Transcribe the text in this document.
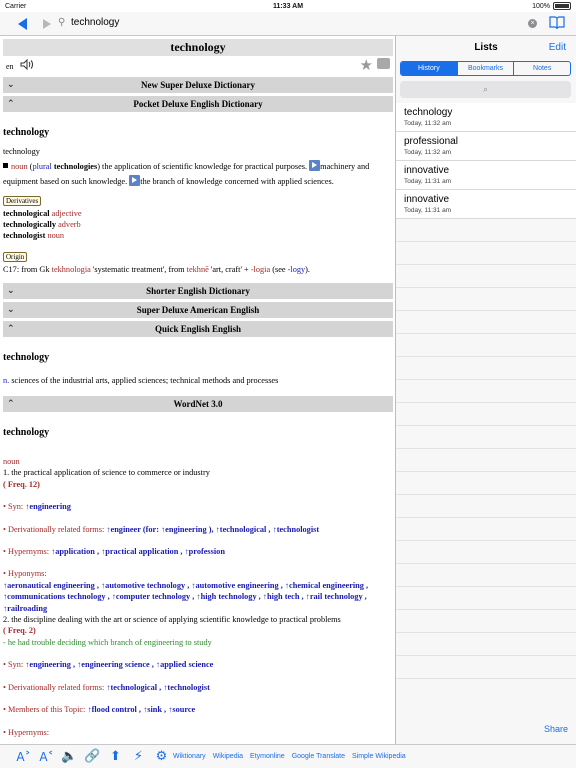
Carrier	11:33 AM	100%
⚲ technology	×
technology
en	★
⌄	New Super Deluxe Dictionary
⌃	Pocket Deluxe English Dictionary
technology
technology
noun (plural technologies) the application of scientific knowledge for practical purposes. machinery and equipment based on such knowledge. the branch of knowledge concerned with applied sciences.
Derivatives
technological adjective
technologically adverb
technologist noun
Origin
C17: from Gk tekhnologia 'systematic treatment', from tekhnē 'art, craft' + -logia (see -logy).
⌄	Shorter English Dictionary
⌄	Super Deluxe American English
⌃	Quick English English
technology
n. sciences of the industrial arts, applied sciences; technical methods and processes
⌃	WordNet 3.0
technology
noun
1. the practical application of science to commerce or industry
( Freq. 12)
• Syn: ↑engineering
• Derivationally related forms: ↑engineer (for: ↑engineering ), ↑technological , ↑technologist
• Hypernyms: ↑application , ↑practical application , ↑profession
• Hyponyms:
↑aeronautical engineering , ↑automotive technology , ↑automotive engineering , ↑chemical engineering , ↑communications technology , ↑computer technology , ↑high technology , ↑high tech , ↑rail technology , ↑railroading
2. the discipline dealing with the art or science of applying scientific knowledge to practical problems
( Freq. 2)
- he had trouble deciding which branch of engineering to study
• Syn: ↑engineering , ↑engineering science , ↑applied science
• Derivationally related forms: ↑technological , ↑technologist
• Members of this Topic: ↑flood control , ↑sink , ↑source
• Hypernyms:
Lists	Edit
History	Bookmarks	Notes
⌕
technology
Today, 11:32 am
professional
Today, 11:32 am
innovative
Today, 11:31 am
innovative
Today, 11:31 am
Share
A˃ A˂ 🔈 🔗 ⬆ ⚡ ⚙ Wiktionary Wikipedia Etymonline Google Translate Simple Wikipedia
